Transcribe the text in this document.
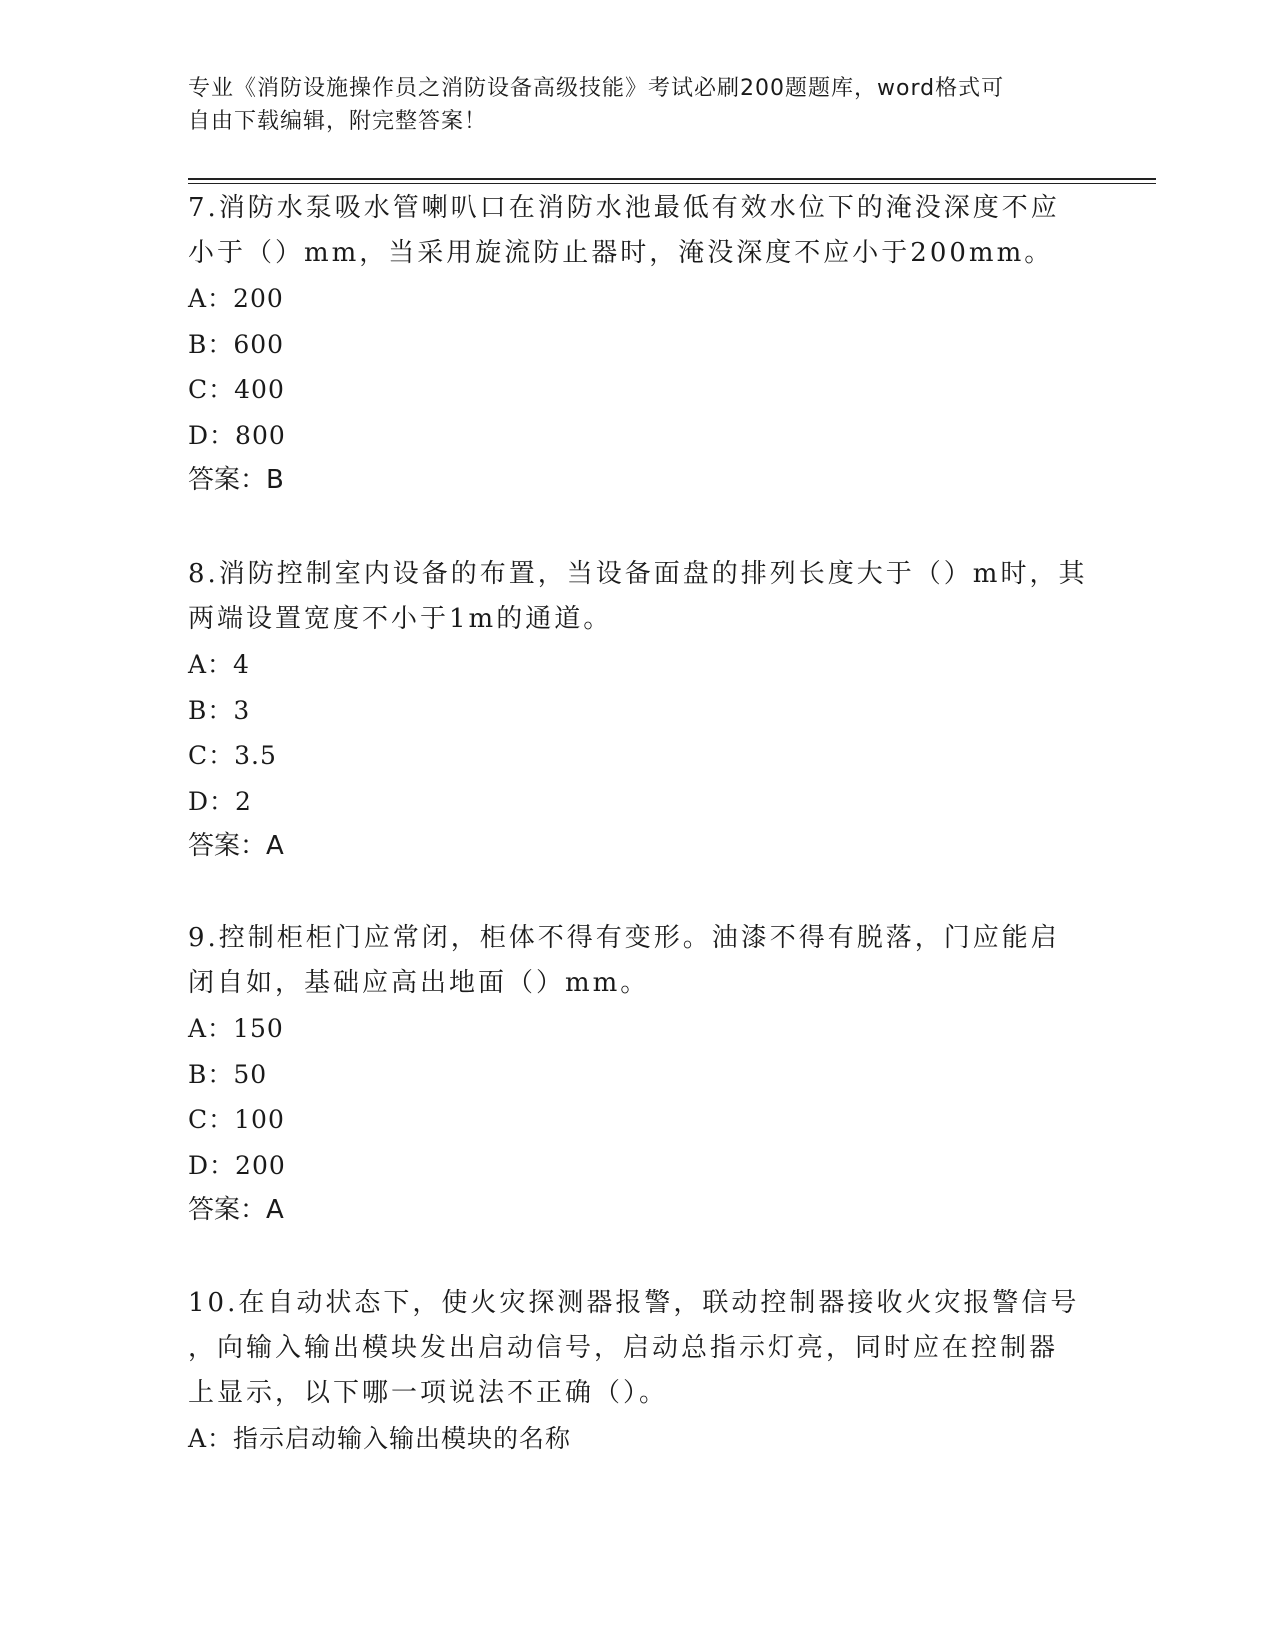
专业《消防设施操作员之消防设备高级技能》考试必刷200题题库，word格式可
自由下载编辑，附完整答案！

7.消防水泵吸水管喇叭口在消防水池最低有效水位下的淹没深度不应

小于（）mm，当采用旋流防止器时，淹没深度不应小于200mm。

A：200

B：600

C：400

D：800

答案：B

8.消防控制室内设备的布置，当设备面盘的排列长度大于（）m时，其

两端设置宽度不小于1m的通道。

A：4

B：3

C：3.5

D：2

答案：A

9.控制柜柜门应常闭，柜体不得有变形。油漆不得有脱落，门应能启

闭自如，基础应高出地面（）mm。

A：150

B：50

C：100

D：200

答案：A

10.在自动状态下，使火灾探测器报警，联动控制器接收火灾报警信号

，向输入输出模块发出启动信号，启动总指示灯亮，同时应在控制器

上显示，以下哪一项说法不正确（）。

A：指示启动输入输出模块的名称
